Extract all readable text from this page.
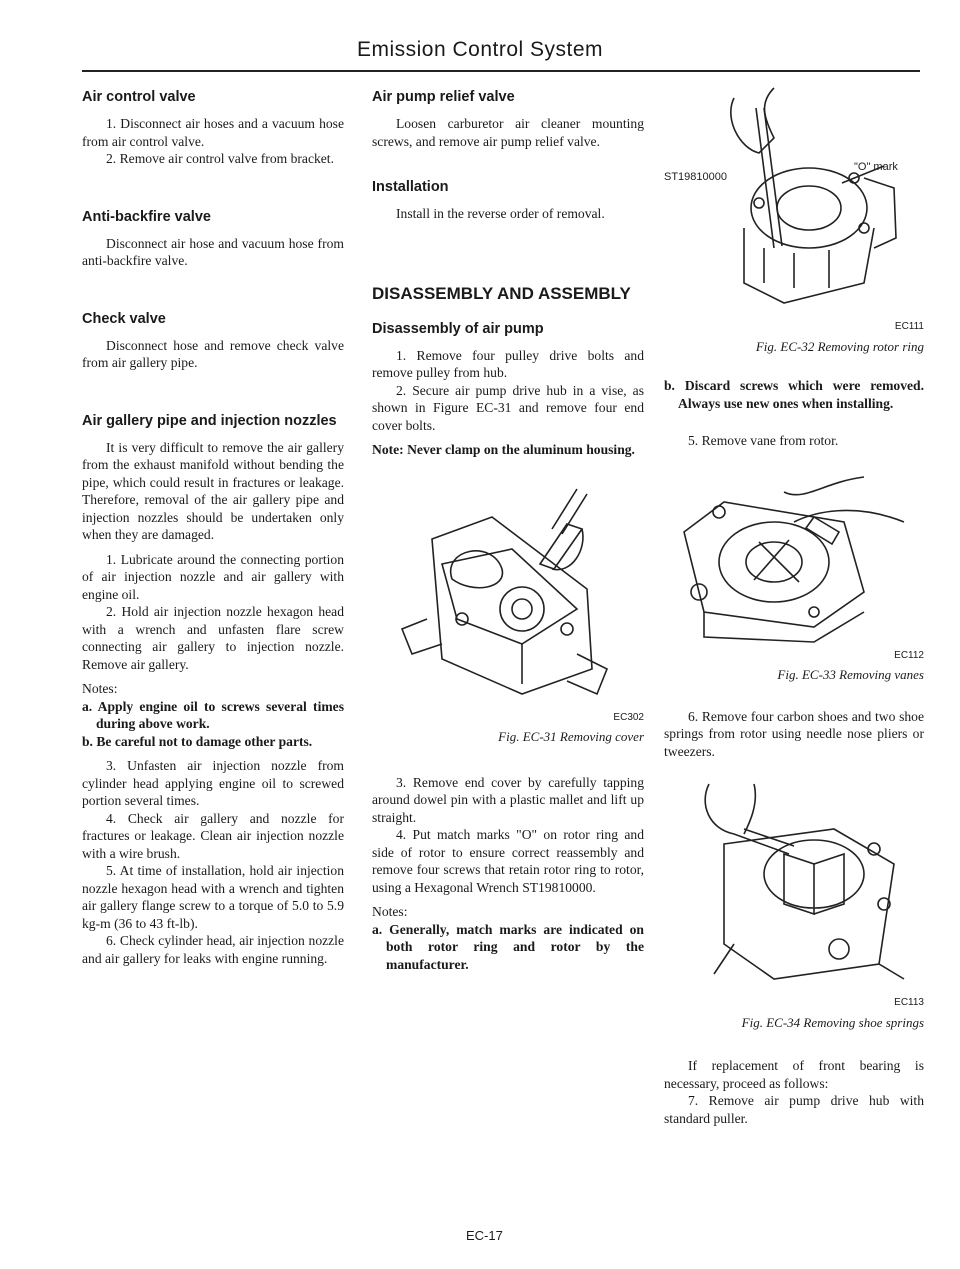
Emission Control System
Air control valve

1. Disconnect air hoses and a vacuum hose from air control valve.

2. Remove air control valve from bracket.

Anti-backfire valve

Disconnect air hose and vacuum hose from anti-backfire valve.

Check valve

Disconnect hose and remove check valve from air gallery pipe.

Air gallery pipe and injection nozzles

It is very difficult to remove the air gallery from the exhaust manifold without bending the pipe, which could result in fractures or leakage. Therefore, removal of the air gallery pipe and injection nozzles should be undertaken only when they are damaged.

1. Lubricate around the connecting portion of air injection nozzle and air gallery with engine oil.

2. Hold air injection nozzle hexagon head with a wrench and unfasten flare screw connecting air gallery to injection nozzle. Remove air gallery.

Notes:

a. Apply engine oil to screws several times during above work.

b. Be careful not to damage other parts.

3. Unfasten air injection nozzle from cylinder head applying engine oil to screwed portion several times.

4. Check air gallery and nozzle for fractures or leakage. Clean air injection nozzle with a wire brush.

5. At time of installation, hold air injection nozzle hexagon head with a wrench and tighten air gallery flange screw to a torque of 5.0 to 5.9 kg-m (36 to 43 ft-lb).

6. Check cylinder head, air injection nozzle and air gallery for leaks with engine running.

Air pump relief valve

Loosen carburetor air cleaner mounting screws, and remove air pump relief valve.

Installation

Install in the reverse order of removal.

DISASSEMBLY AND ASSEMBLY
Disassembly of air pump

1. Remove four pulley drive bolts and remove pulley from hub.

2. Secure air pump drive hub in a vise, as shown in Figure EC-31 and remove four end cover bolts.

Note: Never clamp on the aluminum housing.

EC302

Fig. EC-31 Removing cover

3. Remove end cover by carefully tapping around dowel pin with a plastic mallet and lift up straight.

4. Put match marks "O" on rotor ring and side of rotor to ensure correct reassembly and remove four screws that retain rotor ring to rotor, using a Hexagonal Wrench ST19810000.

Notes:

a. Generally, match marks are indicated on both rotor ring and rotor by the manufacturer.

ST19810000
"O" mark

EC111

Fig. EC-32 Removing rotor ring

b. Discard screws which were removed. Always use new ones when installing.

5. Remove vane from rotor.

EC112

Fig. EC-33 Removing vanes

6. Remove four carbon shoes and two shoe springs from rotor using needle nose pliers or tweezers.

EC113

Fig. EC-34 Removing shoe springs

If replacement of front bearing is necessary, proceed as follows:

7. Remove air pump drive hub with standard puller.

EC-17
